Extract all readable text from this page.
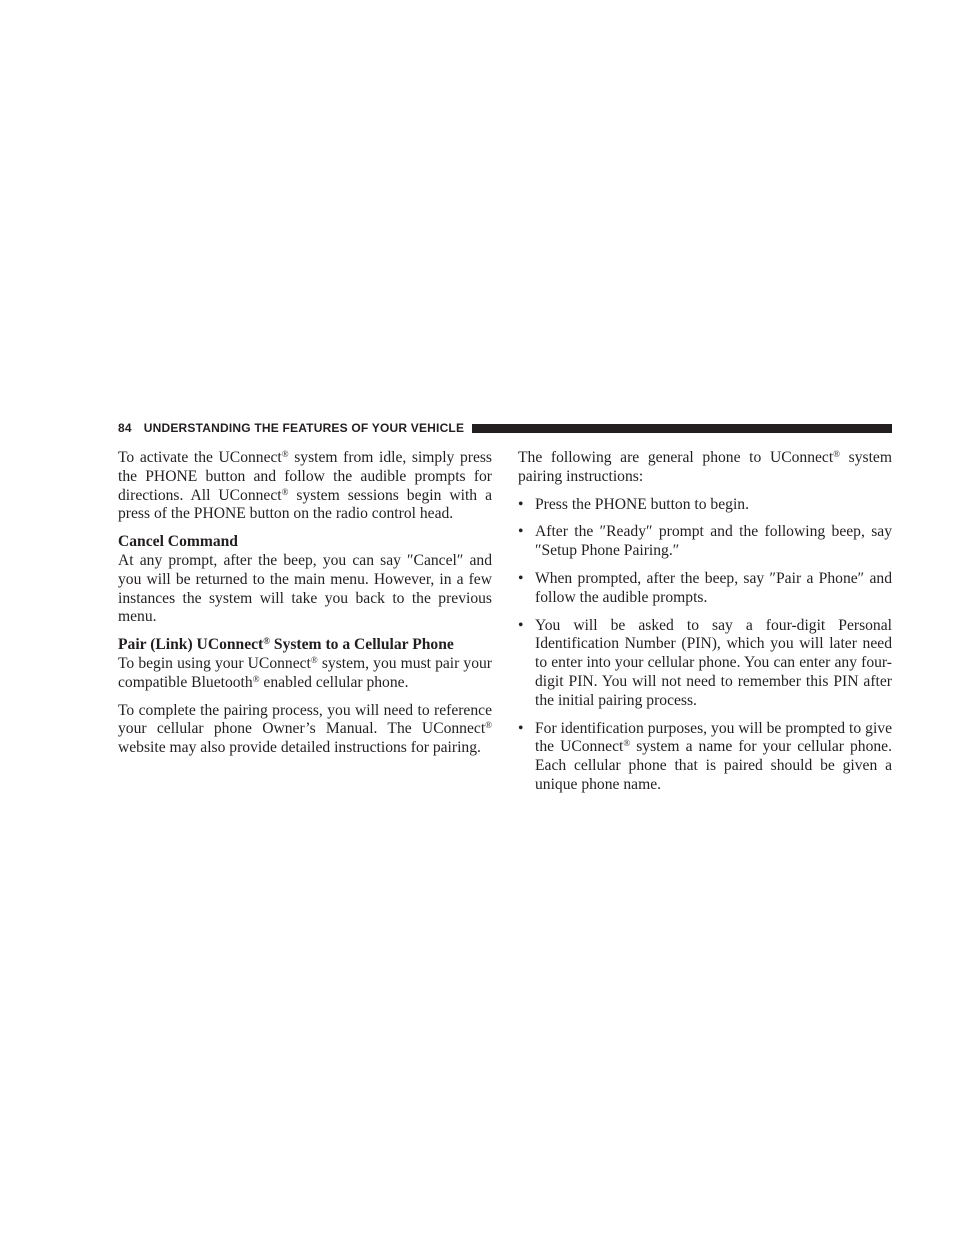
84 UNDERSTANDING THE FEATURES OF YOUR VEHICLE

To activate the UConnect® system from idle, simply press the PHONE button and follow the audible prompts for directions. All UConnect® system sessions begin with a press of the PHONE button on the radio control head.

Cancel Command

At any prompt, after the beep, you can say ″Cancel″ and you will be returned to the main menu. However, in a few instances the system will take you back to the previous menu.

Pair (Link) UConnect® System to a Cellular Phone

To begin using your UConnect® system, you must pair your compatible Bluetooth® enabled cellular phone.

To complete the pairing process, you will need to reference your cellular phone Owner’s Manual. The UConnect® website may also provide detailed instructions for pairing.

The following are general phone to UConnect® system pairing instructions:

• Press the PHONE button to begin.
• After the ″Ready″ prompt and the following beep, say ″Setup Phone Pairing.″
• When prompted, after the beep, say ″Pair a Phone″ and follow the audible prompts.
• You will be asked to say a four-digit Personal Identification Number (PIN), which you will later need to enter into your cellular phone. You can enter any four-digit PIN. You will not need to remember this PIN after the initial pairing process.
• For identification purposes, you will be prompted to give the UConnect® system a name for your cellular phone. Each cellular phone that is paired should be given a unique phone name.
